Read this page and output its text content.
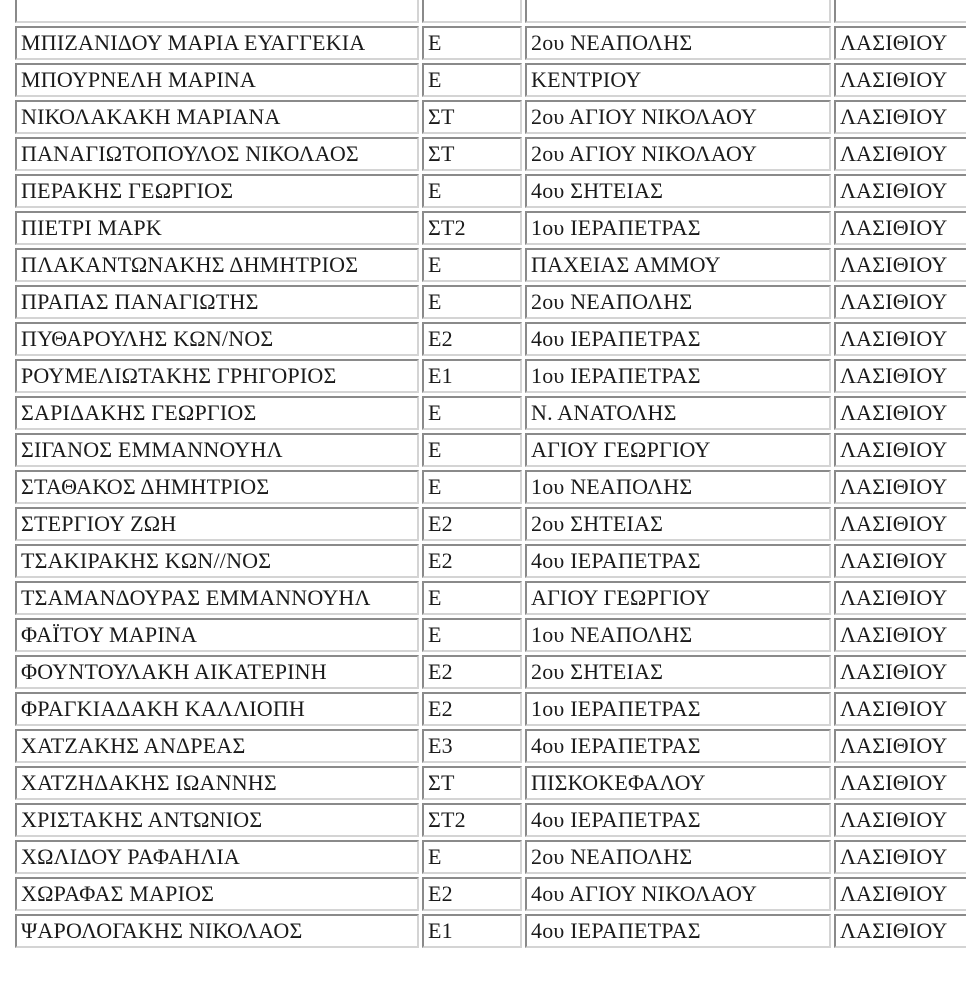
ΜΠΙΖΑΝΙΔΟΥ ΜΑΡΙΑ ΕΥΑΓΓΕΚΙΑ	Ε	2ου ΝΕΑΠΟΛΗΣ	ΛΑΣΙΘΙΟΥ
ΜΠΟΥΡΝΕΛΗ ΜΑΡΙΝΑ	Ε	ΚΕΝΤΡΙΟΥ	ΛΑΣΙΘΙΟΥ
ΝΙΚΟΛΑΚΑΚΗ ΜΑΡΙΑΝΑ	ΣΤ	2ου ΑΓΙΟΥ ΝΙΚΟΛΑΟΥ	ΛΑΣΙΘΙΟΥ
ΠΑΝΑΓΙΩΤΟΠΟΥΛΟΣ ΝΙΚΟΛΑΟΣ	ΣΤ	2ου ΑΓΙΟΥ ΝΙΚΟΛΑΟΥ	ΛΑΣΙΘΙΟΥ
ΠΕΡΑΚΗΣ ΓΕΩΡΓΙΟΣ	Ε	4ου ΣΗΤΕΙΑΣ	ΛΑΣΙΘΙΟΥ
ΠΙΕΤΡΙ ΜΑΡΚ	ΣΤ2	1ου ΙΕΡΑΠΕΤΡΑΣ	ΛΑΣΙΘΙΟΥ
ΠΛΑΚΑΝΤΩΝΑΚΗΣ ΔΗΜΗΤΡΙΟΣ	Ε	ΠΑΧΕΙΑΣ ΑΜΜΟΥ	ΛΑΣΙΘΙΟΥ
ΠΡΑΠΑΣ ΠΑΝΑΓΙΩΤΗΣ	Ε	2ου ΝΕΑΠΟΛΗΣ	ΛΑΣΙΘΙΟΥ
ΠΥΘΑΡΟΥΛΗΣ ΚΩΝ/ΝΟΣ	Ε2	4ου ΙΕΡΑΠΕΤΡΑΣ	ΛΑΣΙΘΙΟΥ
ΡΟΥΜΕΛΙΩΤΑΚΗΣ ΓΡΗΓΟΡΙΟΣ	Ε1	1ου ΙΕΡΑΠΕΤΡΑΣ	ΛΑΣΙΘΙΟΥ
ΣΑΡΙΔΑΚΗΣ ΓΕΩΡΓΙΟΣ	Ε	Ν. ΑΝΑΤΟΛΗΣ	ΛΑΣΙΘΙΟΥ
ΣΙΓΑΝΟΣ ΕΜΜΑΝΝΟΥΗΛ	Ε	ΑΓΙΟΥ ΓΕΩΡΓΙΟΥ	ΛΑΣΙΘΙΟΥ
ΣΤΑΘΑΚΟΣ ΔΗΜΗΤΡΙΟΣ	Ε	1ου ΝΕΑΠΟΛΗΣ	ΛΑΣΙΘΙΟΥ
ΣΤΕΡΓΙΟΥ ΖΩΗ	Ε2	2ου ΣΗΤΕΙΑΣ	ΛΑΣΙΘΙΟΥ
ΤΣΑΚΙΡΑΚΗΣ ΚΩΝ//ΝΟΣ	Ε2	4ου ΙΕΡΑΠΕΤΡΑΣ	ΛΑΣΙΘΙΟΥ
ΤΣΑΜΑΝΔΟΥΡΑΣ ΕΜΜΑΝΝΟΥΗΛ	Ε	ΑΓΙΟΥ ΓΕΩΡΓΙΟΥ	ΛΑΣΙΘΙΟΥ
ΦΑΪΤΟΥ ΜΑΡΙΝΑ	Ε	1ου ΝΕΑΠΟΛΗΣ	ΛΑΣΙΘΙΟΥ
ΦΟΥΝΤΟΥΛΑΚΗ ΑΙΚΑΤΕΡΙΝΗ	Ε2	2ου ΣΗΤΕΙΑΣ	ΛΑΣΙΘΙΟΥ
ΦΡΑΓΚΙΑΔΑΚΗ ΚΑΛΛΙΟΠΗ	Ε2	1ου ΙΕΡΑΠΕΤΡΑΣ	ΛΑΣΙΘΙΟΥ
ΧΑΤΖΑΚΗΣ ΑΝΔΡΕΑΣ	Ε3	4ου ΙΕΡΑΠΕΤΡΑΣ	ΛΑΣΙΘΙΟΥ
ΧΑΤΖΗΔΑΚΗΣ ΙΩΑΝΝΗΣ	ΣΤ	ΠΙΣΚΟΚΕΦΑΛΟΥ	ΛΑΣΙΘΙΟΥ
ΧΡΙΣΤΑΚΗΣ ΑΝΤΩΝΙΟΣ	ΣΤ2	4ου ΙΕΡΑΠΕΤΡΑΣ	ΛΑΣΙΘΙΟΥ
ΧΩΛΙΔΟΥ ΡΑΦΑΗΛΙΑ	Ε	2ου ΝΕΑΠΟΛΗΣ	ΛΑΣΙΘΙΟΥ
ΧΩΡΑΦΑΣ ΜΑΡΙΟΣ	Ε2	4ου ΑΓΙΟΥ ΝΙΚΟΛΑΟΥ	ΛΑΣΙΘΙΟΥ
ΨΑΡΟΛΟΓΑΚΗΣ ΝΙΚΟΛΑΟΣ	Ε1	4ου ΙΕΡΑΠΕΤΡΑΣ	ΛΑΣΙΘΙΟΥ
